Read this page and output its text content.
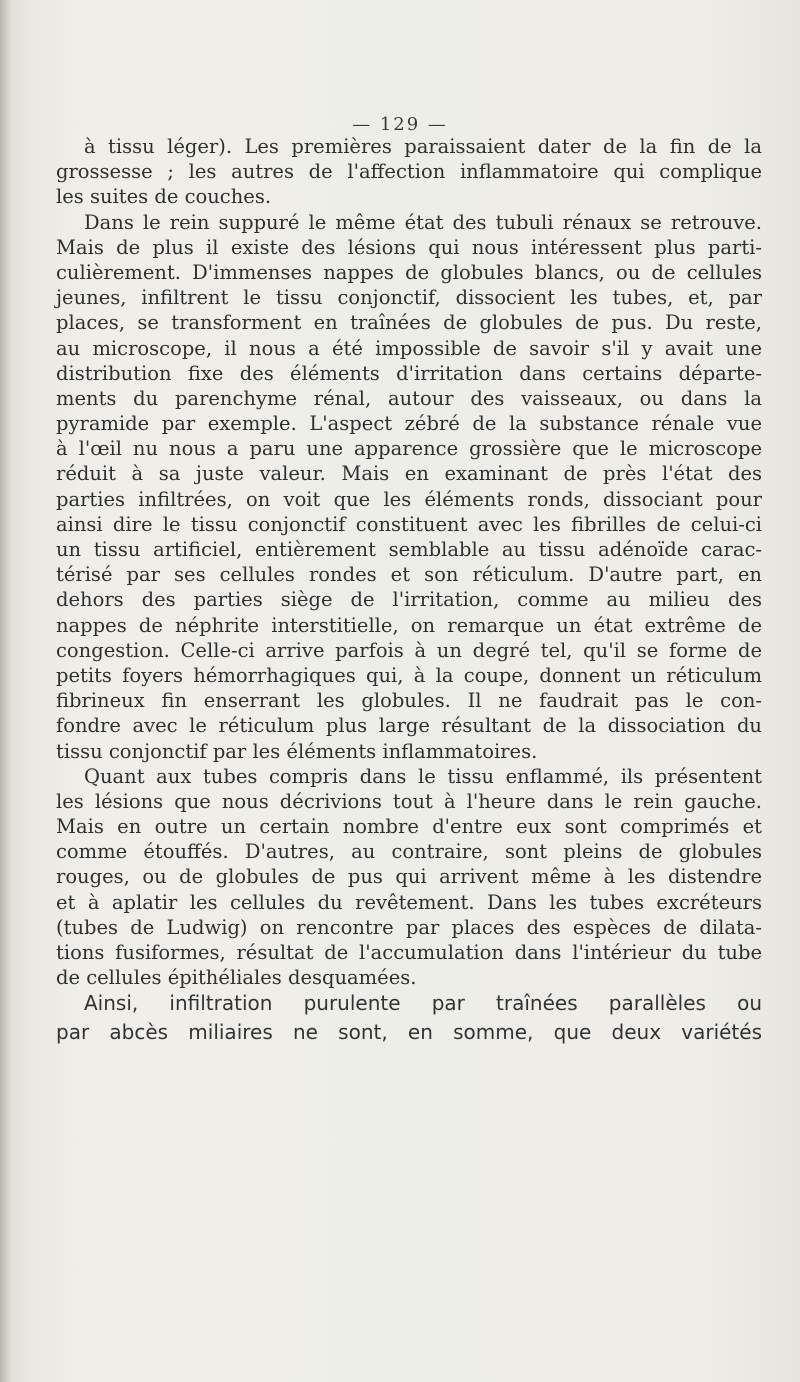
— 129 —
à tissu léger). Les premières paraissaient dater de la fin de la
grossesse ; les autres de l'affection inflammatoire qui complique
les suites de couches.
Dans le rein suppuré le même état des tubuli rénaux se retrouve.
Mais de plus il existe des lésions qui nous intéressent plus parti-
culièrement. D'immenses nappes de globules blancs, ou de cellules
jeunes, infiltrent le tissu conjonctif, dissocient les tubes, et, par
places, se transforment en traînées de globules de pus. Du reste,
au microscope, il nous a été impossible de savoir s'il y avait une
distribution fixe des éléments d'irritation dans certains départe-
ments du parenchyme rénal, autour des vaisseaux, ou dans la
pyramide par exemple. L'aspect zébré de la substance rénale vue
à l'œil nu nous a paru une apparence grossière que le microscope
réduit à sa juste valeur. Mais en examinant de près l'état des
parties infiltrées, on voit que les éléments ronds, dissociant pour
ainsi dire le tissu conjonctif constituent avec les fibrilles de celui-ci
un tissu artificiel, entièrement semblable au tissu adénoïde carac-
térisé par ses cellules rondes et son réticulum. D'autre part, en
dehors des parties siège de l'irritation, comme au milieu des
nappes de néphrite interstitielle, on remarque un état extrême de
congestion. Celle-ci arrive parfois à un degré tel, qu'il se forme de
petits foyers hémorrhagiques qui, à la coupe, donnent un réticulum
fibrineux fin enserrant les globules. Il ne faudrait pas le con-
fondre avec le réticulum plus large résultant de la dissociation du
tissu conjonctif par les éléments inflammatoires.
Quant aux tubes compris dans le tissu enflammé, ils présentent
les lésions que nous décrivions tout à l'heure dans le rein gauche.
Mais en outre un certain nombre d'entre eux sont comprimés et
comme étouffés. D'autres, au contraire, sont pleins de globules
rouges, ou de globules de pus qui arrivent même à les distendre
et à aplatir les cellules du revêtement. Dans les tubes excréteurs
(tubes de Ludwig) on rencontre par places des espèces de dilata-
tions fusiformes, résultat de l'accumulation dans l'intérieur du tube
de cellules épithéliales desquamées.
Ainsi, infiltration purulente par traînées parallèles ou
par abcès miliaires ne sont, en somme, que deux variétés
